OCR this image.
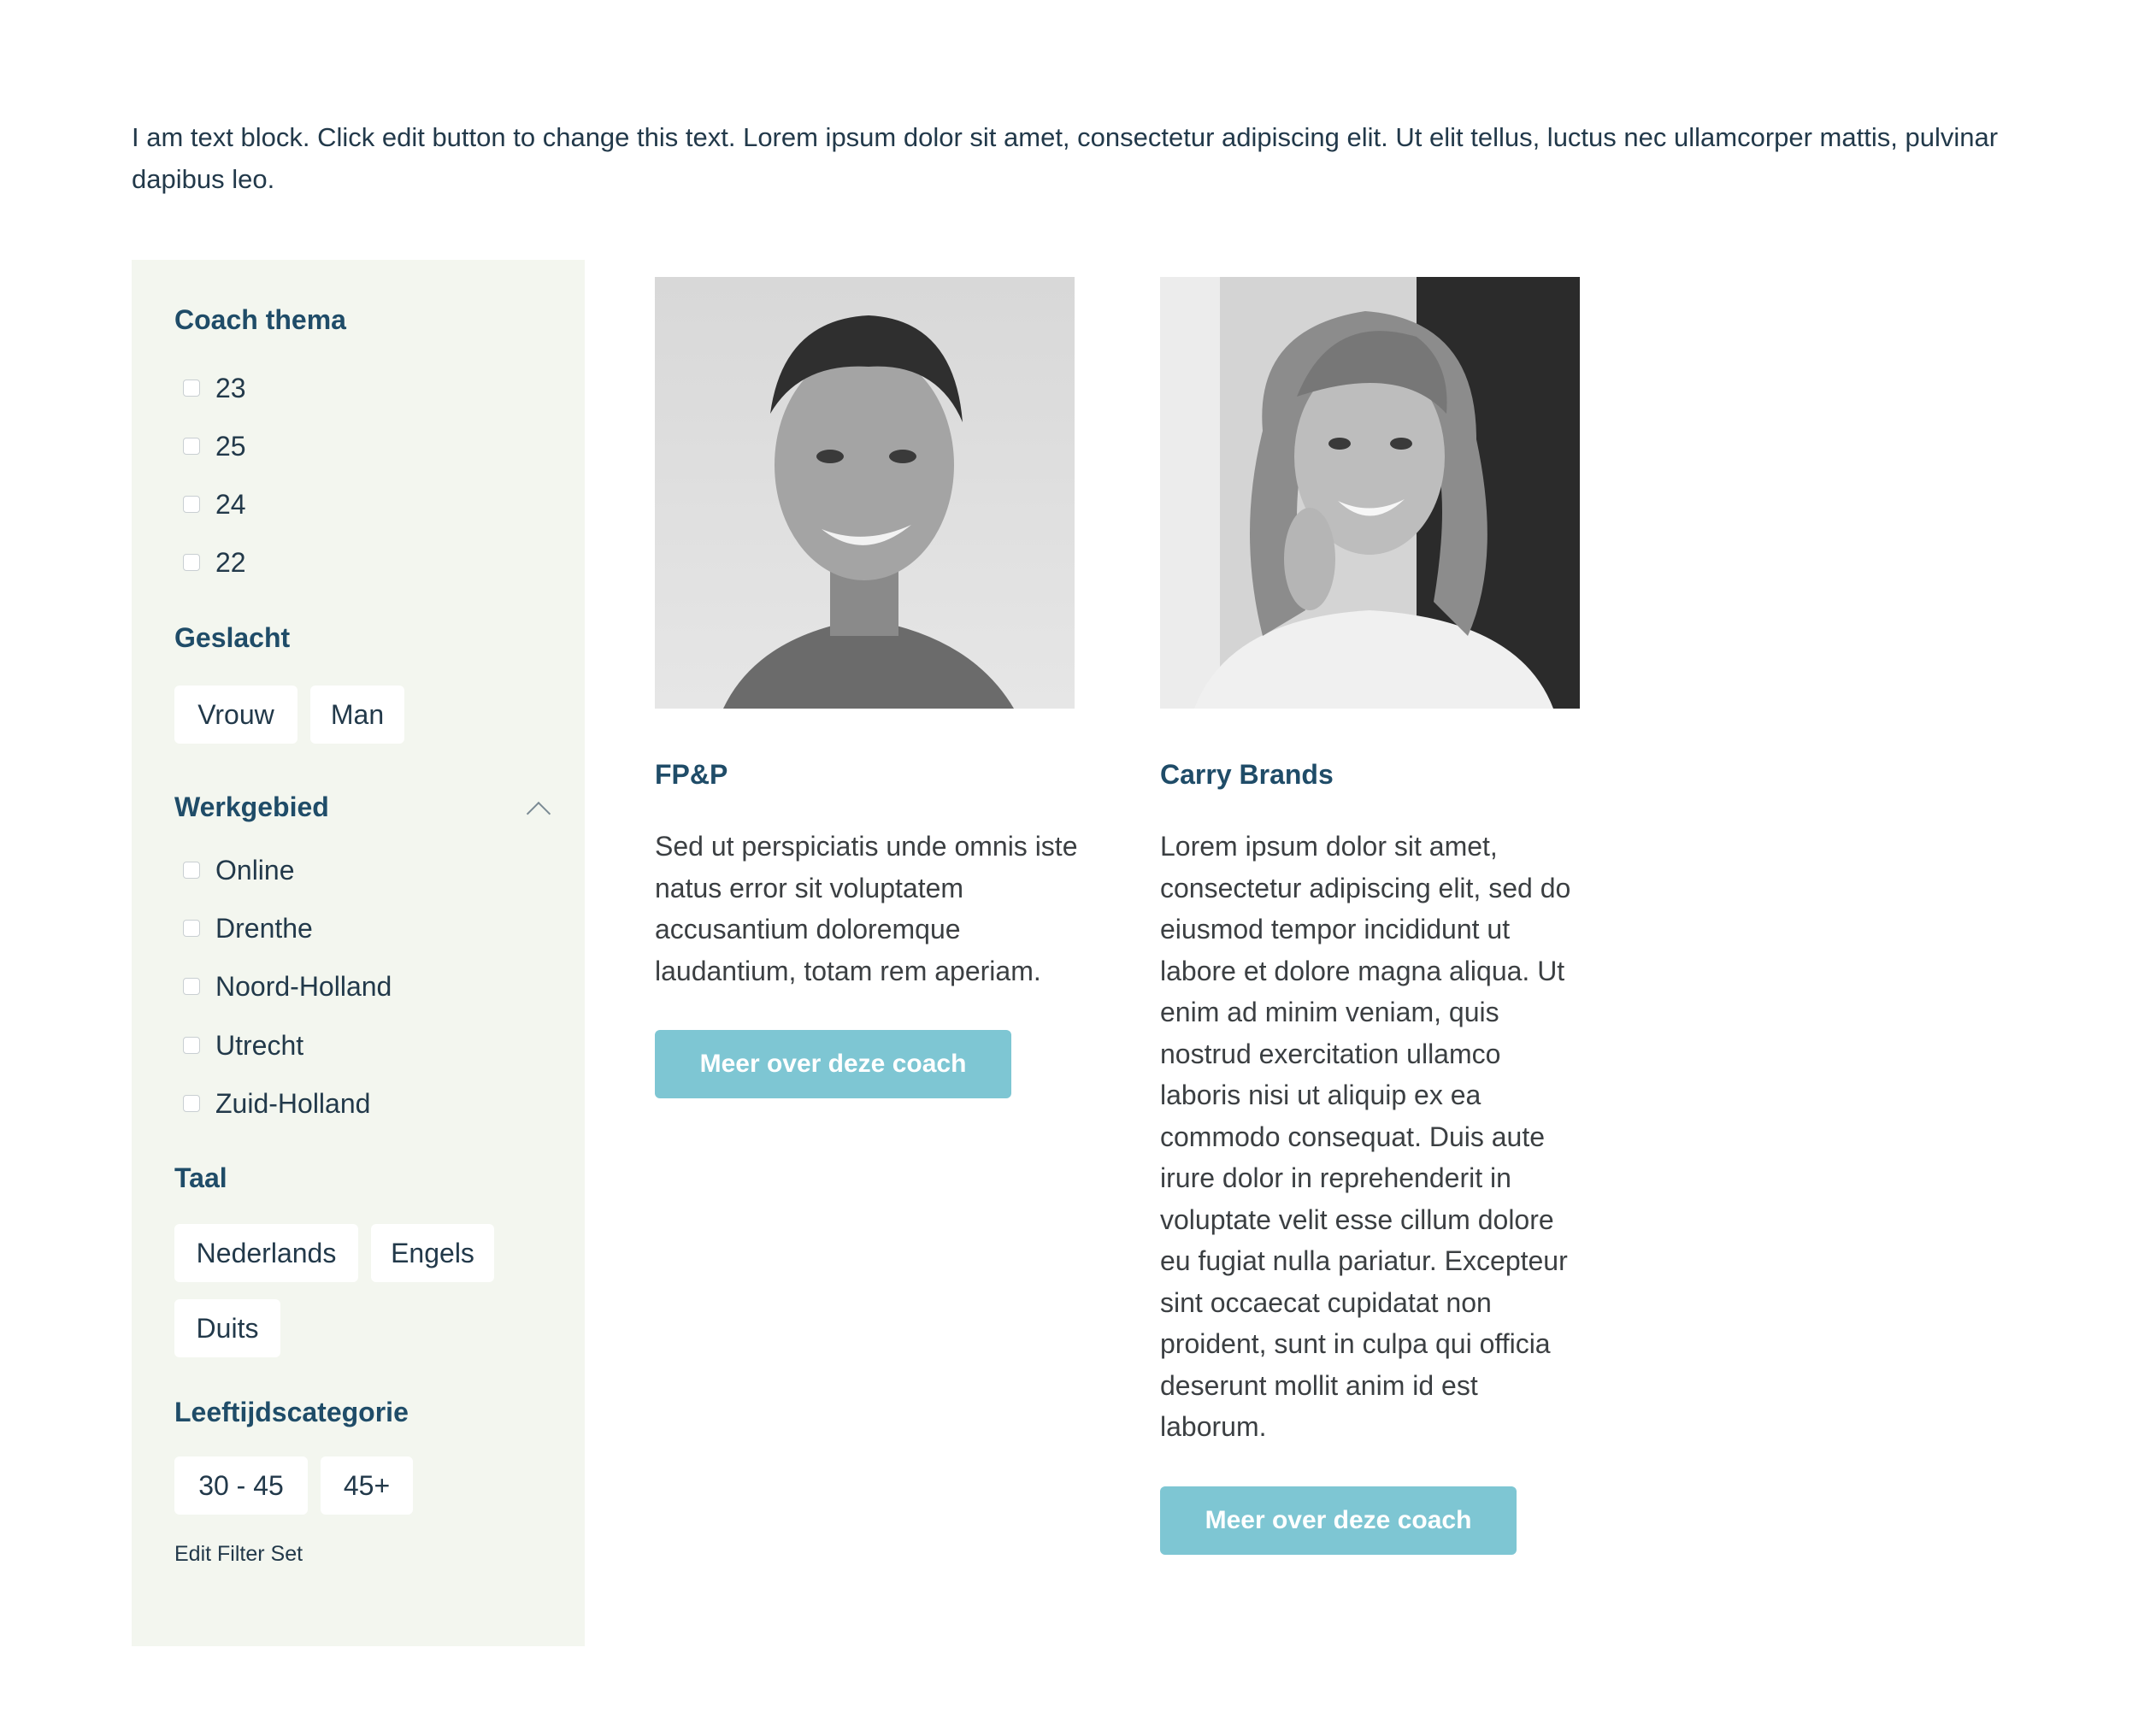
I am text block. Click edit button to change this text. Lorem ipsum dolor sit amet, consectetur adipiscing elit. Ut elit tellus, luctus nec ullamcorper mattis, pulvinar dapibus leo.

Coach thema
23
25
24
22
Geslacht
Vrouw	Man
Werkgebied
Online
Drenthe
Noord-Holland
Utrecht
Zuid-Holland
Taal
Nederlands	Engels
Duits
Leeftijdscategorie
30 - 45	45+
Edit Filter Set
FP&P
Sed ut perspiciatis unde omnis iste natus error sit voluptatem accusantium doloremque laudantium, totam rem aperiam.
Meer over deze coach
Carry Brands
Lorem ipsum dolor sit amet, consectetur adipiscing elit, sed do eiusmod tempor incididunt ut labore et dolore magna aliqua. Ut enim ad minim veniam, quis nostrud exercitation ullamco laboris nisi ut aliquip ex ea commodo consequat. Duis aute irure dolor in reprehenderit in voluptate velit esse cillum dolore eu fugiat nulla pariatur. Excepteur sint occaecat cupidatat non proident, sunt in culpa qui officia deserunt mollit anim id est laborum.
Meer over deze coach
